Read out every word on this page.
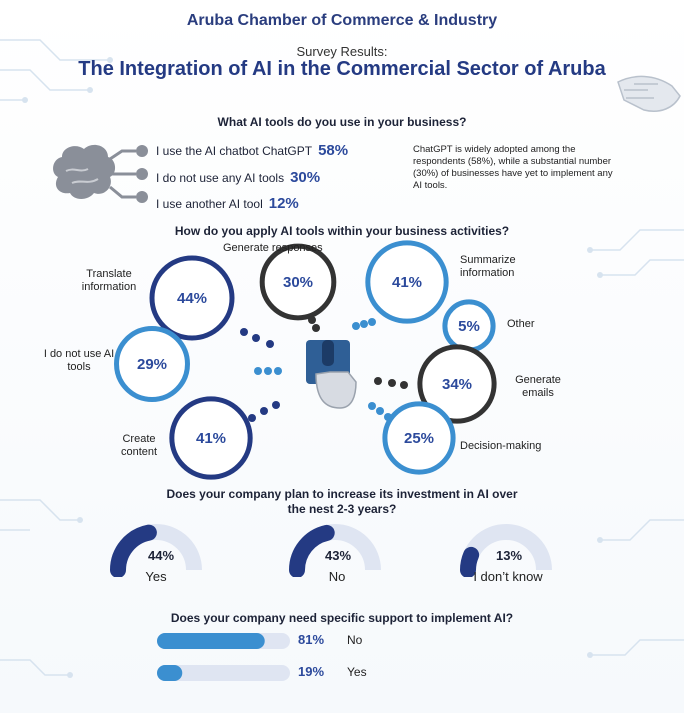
Aruba Chamber of Commerce & Industry
Survey Results:
The Integration of AI in the Commercial Sector of Aruba
What AI tools do you use in your business?
I use the AI chatbot ChatGPT 58%
I do not use any AI tools 30%
I use another AI tool 12%
ChatGPT is widely adopted among the respondents (58%), while a substantial number (30%) of businesses have yet to implement any AI tools.
How do you apply AI tools within your business activities?
44%
30%	41%
5%
29%
34%
41%	25%
Generate responses
Translate information
Summarize information
Other
I do not use AI tools
Generate emails
Create content	Decision-making
Does your company plan to increase its investment in AI over the nest 2-3 years?
44%	43%	13%
Yes	No	I don’t know
Does your company need specific support to implement AI?
81% No
19% Yes
